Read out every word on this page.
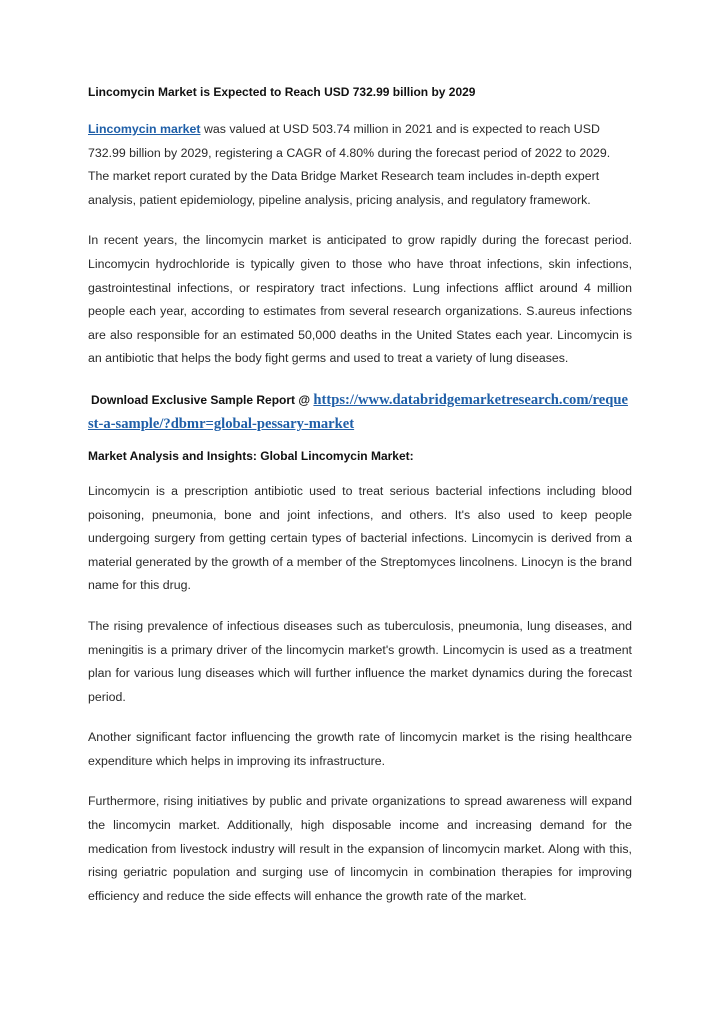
Lincomycin Market is Expected to Reach USD 732.99 billion by 2029

Lincomycin market was valued at USD 503.74 million in 2021 and is expected to reach USD 732.99 billion by 2029, registering a CAGR of 4.80% during the forecast period of 2022 to 2029. The market report curated by the Data Bridge Market Research team includes in-depth expert analysis, patient epidemiology, pipeline analysis, pricing analysis, and regulatory framework.

In recent years, the lincomycin market is anticipated to grow rapidly during the forecast period. Lincomycin hydrochloride is typically given to those who have throat infections, skin infections, gastrointestinal infections, or respiratory tract infections. Lung infections afflict around 4 million people each year, according to estimates from several research organizations. S.aureus infections are also responsible for an estimated 50,000 deaths in the United States each year. Lincomycin is an antibiotic that helps the body fight germs and used to treat a variety of lung diseases.

Download Exclusive Sample Report @ https://www.databridgemarketresearch.com/request-a-sample/?dbmr=global-pessary-market

Market Analysis and Insights: Global Lincomycin Market:

Lincomycin is a prescription antibiotic used to treat serious bacterial infections including blood poisoning, pneumonia, bone and joint infections, and others. It's also used to keep people undergoing surgery from getting certain types of bacterial infections. Lincomycin is derived from a material generated by the growth of a member of the Streptomyces lincolnens. Linocyn is the brand name for this drug.

The rising prevalence of infectious diseases such as tuberculosis, pneumonia, lung diseases, and meningitis is a primary driver of the lincomycin market's growth. Lincomycin is used as a treatment plan for various lung diseases which will further influence the market dynamics during the forecast period.

Another significant factor influencing the growth rate of lincomycin market is the rising healthcare expenditure which helps in improving its infrastructure.

Furthermore, rising initiatives by public and private organizations to spread awareness will expand the lincomycin market. Additionally, high disposable income and increasing demand for the medication from livestock industry will result in the expansion of lincomycin market. Along with this, rising geriatric population and surging use of lincomycin in combination therapies for improving efficiency and reduce the side effects will enhance the growth rate of the market.
